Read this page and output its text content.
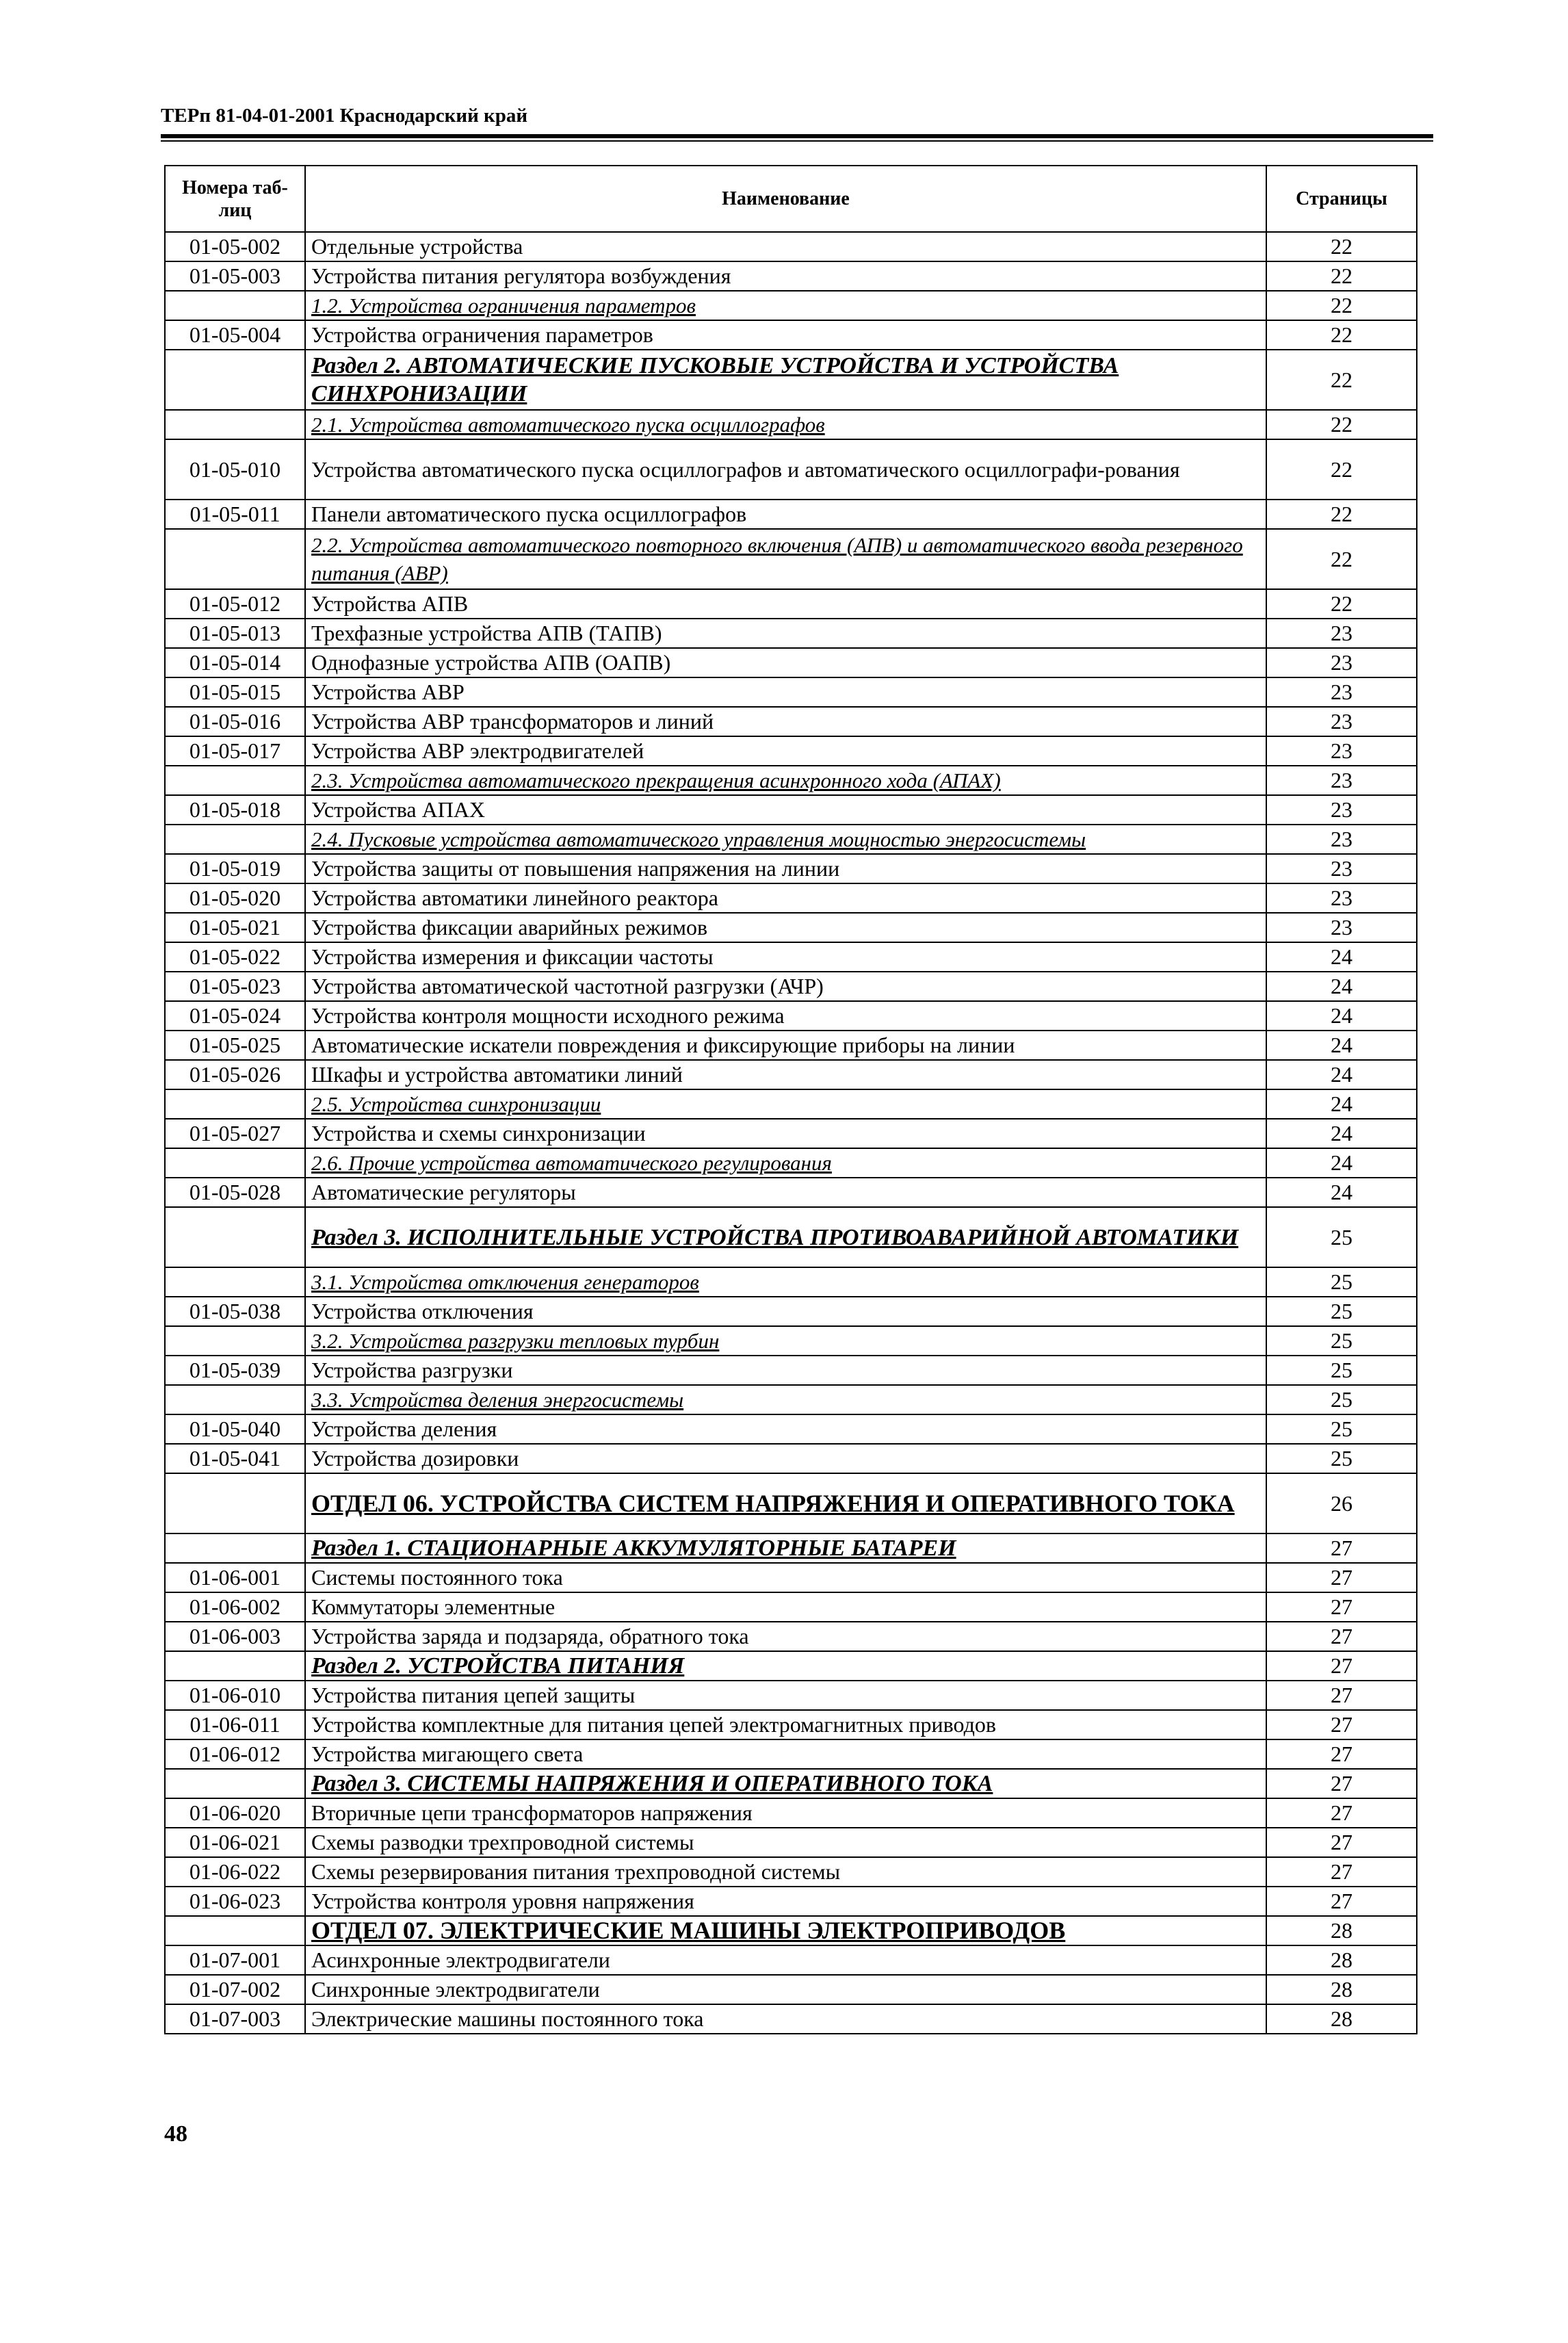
ТЕРп 81-04-01-2001 Краснодарский край
Номера таб-лиц	Наименование	Страницы
01-05-002	Отдельные устройства	22
01-05-003	Устройства питания регулятора возбуждения	22
	1.2. Устройства ограничения параметров	22
01-05-004	Устройства ограничения параметров	22
	Раздел 2. АВТОМАТИЧЕСКИЕ ПУСКОВЫЕ УСТРОЙСТВА И УСТРОЙСТВА СИНХРОНИЗАЦИИ	22
	2.1. Устройства автоматического пуска осциллографов	22
01-05-010	Устройства автоматического пуска осциллографов и автоматического осциллографи-рования	22
01-05-011	Панели автоматического пуска осциллографов	22
	2.2. Устройства автоматического повторного включения (АПВ) и автоматического ввода резервного питания (АВР)	22
01-05-012	Устройства АПВ	22
01-05-013	Трехфазные устройства АПВ (ТАПВ)	23
01-05-014	Однофазные устройства АПВ (ОАПВ)	23
01-05-015	Устройства АВР	23
01-05-016	Устройства АВР трансформаторов и линий	23
01-05-017	Устройства АВР электродвигателей	23
	2.3. Устройства автоматического прекращения асинхронного хода (АПАХ)	23
01-05-018	Устройства АПАХ	23
	2.4. Пусковые устройства автоматического управления мощностью энергосистемы	23
01-05-019	Устройства защиты от повышения напряжения на линии	23
01-05-020	Устройства автоматики линейного реактора	23
01-05-021	Устройства фиксации аварийных режимов	23
01-05-022	Устройства измерения и фиксации частоты	24
01-05-023	Устройства автоматической частотной разгрузки (АЧР)	24
01-05-024	Устройства контроля мощности исходного режима	24
01-05-025	Автоматические искатели повреждения и фиксирующие приборы на линии	24
01-05-026	Шкафы и устройства автоматики линий	24
	2.5. Устройства синхронизации	24
01-05-027	Устройства и схемы синхронизации	24
	2.6. Прочие устройства автоматического регулирования	24
01-05-028	Автоматические регуляторы	24
	Раздел 3. ИСПОЛНИТЕЛЬНЫЕ УСТРОЙСТВА ПРОТИВОАВАРИЙНОЙ АВТОМАТИКИ	25
	3.1. Устройства отключения генераторов	25
01-05-038	Устройства отключения	25
	3.2. Устройства разгрузки тепловых турбин	25
01-05-039	Устройства разгрузки	25
	3.3. Устройства деления энергосистемы	25
01-05-040	Устройства деления	25
01-05-041	Устройства дозировки	25
	ОТДЕЛ 06. УСТРОЙСТВА СИСТЕМ НАПРЯЖЕНИЯ И ОПЕРАТИВНОГО ТОКА	26
	Раздел 1. СТАЦИОНАРНЫЕ АККУМУЛЯТОРНЫЕ БАТАРЕИ	27
01-06-001	Системы постоянного тока	27
01-06-002	Коммутаторы элементные	27
01-06-003	Устройства заряда и подзаряда, обратного тока	27
	Раздел 2. УСТРОЙСТВА ПИТАНИЯ	27
01-06-010	Устройства питания цепей защиты	27
01-06-011	Устройства комплектные для питания цепей электромагнитных приводов	27
01-06-012	Устройства мигающего света	27
	Раздел 3. СИСТЕМЫ НАПРЯЖЕНИЯ И ОПЕРАТИВНОГО ТОКА	27
01-06-020	Вторичные цепи трансформаторов напряжения	27
01-06-021	Схемы разводки трехпроводной системы	27
01-06-022	Схемы резервирования питания трехпроводной системы	27
01-06-023	Устройства контроля уровня напряжения	27
	ОТДЕЛ 07. ЭЛЕКТРИЧЕСКИЕ МАШИНЫ ЭЛЕКТРОПРИВОДОВ	28
01-07-001	Асинхронные электродвигатели	28
01-07-002	Синхронные электродвигатели	28
01-07-003	Электрические машины постоянного тока	28
48
